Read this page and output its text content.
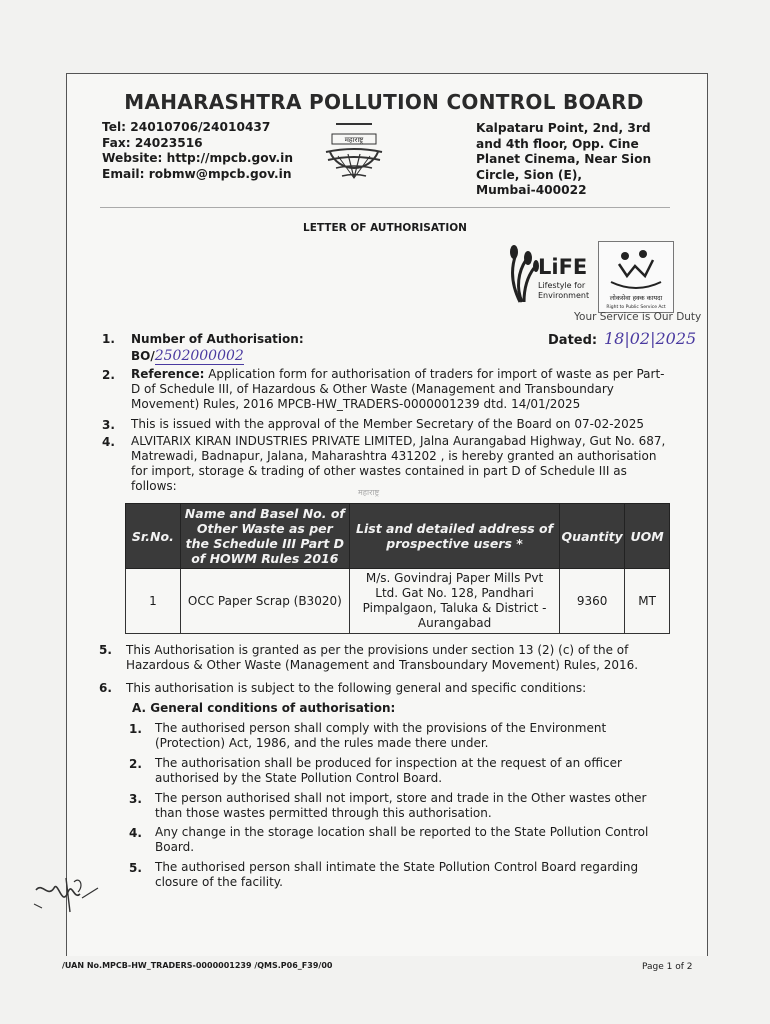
MAHARASHTRA POLLUTION CONTROL BOARD
Tel: 24010706/24010437
Fax: 24023516
Website: http://mpcb.gov.in
Email: robmw@mpcb.gov.in
महाराष्ट्र
Kalpataru Point, 2nd, 3rd
and 4th floor, Opp. Cine
Planet Cinema, Near Sion
Circle, Sion (E),
Mumbai-400022
LETTER OF AUTHORISATION
LiFE
Lifestyle for
Environment	लोकसेवा हक्क कायदा
Right to Public Service Act
Your Service is Our Duty
1. Number of Authorisation:
BO/2502000002
Dated: 18|02|2025
2. Reference: Application form for authorisation of traders for import of waste as per Part- D of Schedule III, of Hazardous & Other Waste (Management and Transboundary Movement) Rules, 2016 MPCB-HW_TRADERS-0000001239 dtd. 14/01/2025
3. This is issued with the approval of the Member Secretary of the Board on 07-02-2025
4. ALVITARIX KIRAN INDUSTRIES PRIVATE LIMITED, Jalna Aurangabad Highway, Gut No. 687, Matrewadi, Badnapur, Jalana, Maharashtra 431202 , is hereby granted an authorisation for import, storage & trading of other wastes contained in part D of Schedule III as follows:	महाराष्ट्र
Sr.No.	Name and Basel No. of Other Waste as per the Schedule III Part D of HOWM Rules 2016	List and detailed address of prospective users *	Quantity	UOM
1	OCC Paper Scrap (B3020)	M/s. Govindraj Paper Mills Pvt Ltd. Gat No. 128, Pandhari Pimpalgaon, Taluka & District - Aurangabad	9360	MT
5. This Authorisation is granted as per the provisions under section 13 (2) (c) of the of Hazardous & Other Waste (Management and Transboundary Movement) Rules, 2016.
6. This authorisation is subject to the following general and specific conditions:
A. General conditions of authorisation:
1. The authorised person shall comply with the provisions of the Environment (Protection) Act, 1986, and the rules made there under.
2. The authorisation shall be produced for inspection at the request of an officer authorised by the State Pollution Control Board.
3. The person authorised shall not import, store and trade in the Other wastes other than those wastes permitted through this authorisation.
4. Any change in the storage location shall be reported to the State Pollution Control Board.
5. The authorised person shall intimate the State Pollution Control Board regarding closure of the facility.
/UAN No.MPCB-HW_TRADERS-0000001239 /QMS.P06_F39/00	Page 1 of 2
